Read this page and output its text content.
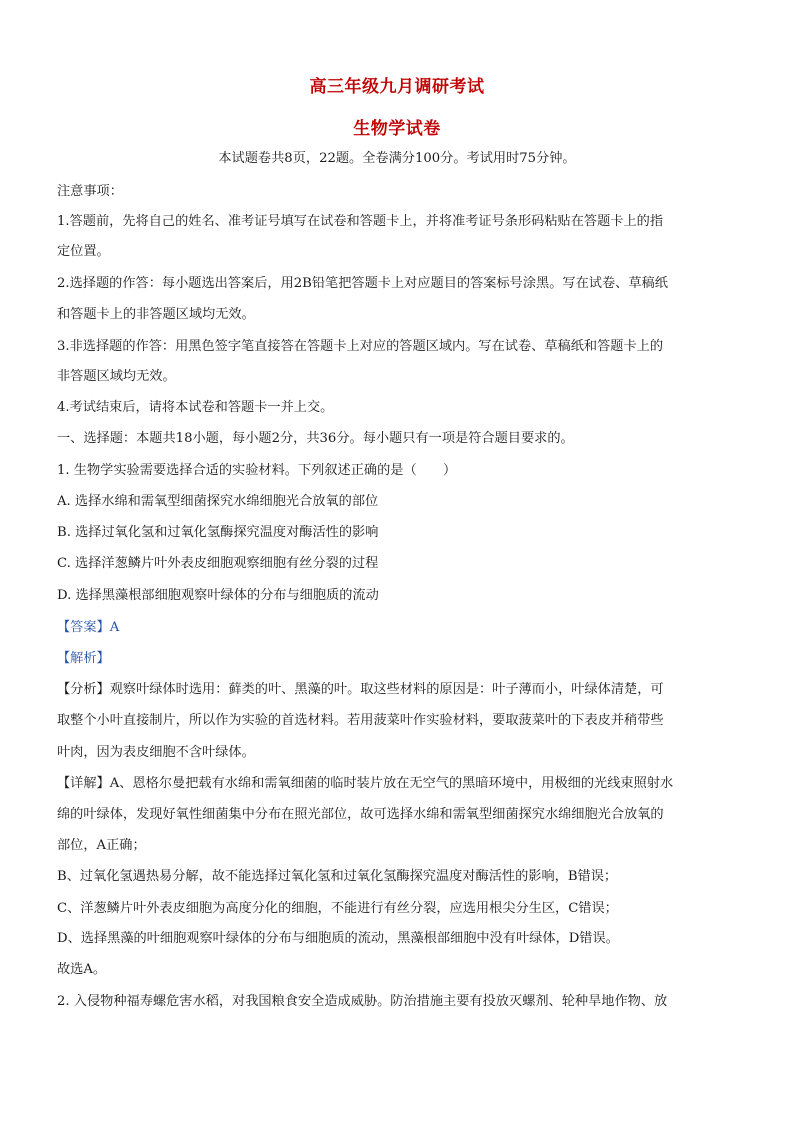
高三年级九月调研考试
生物学试卷
本试题卷共8页，22题。全卷满分100分。考试用时75分钟。
注意事项：
1.答题前，先将自己的姓名、准考证号填写在试卷和答题卡上，并将准考证号条形码粘贴在答题卡上的指
定位置。
2.选择题的作答：每小题选出答案后，用2B铅笔把答题卡上对应题目的答案标号涂黑。写在试卷、草稿纸
和答题卡上的非答题区域均无效。
3.非选择题的作答：用黑色签字笔直接答在答题卡上对应的答题区域内。写在试卷、草稿纸和答题卡上的
非答题区域均无效。
4.考试结束后，请将本试卷和答题卡一并上交。
一、选择题：本题共18小题，每小题2分，共36分。每小题只有一项是符合题目要求的。
1. 生物学实验需要选择合适的实验材料。下列叙述正确的是（　　）
A. 选择水绵和需氧型细菌探究水绵细胞光合放氧的部位
B. 选择过氧化氢和过氧化氢酶探究温度对酶活性的影响
C. 选择洋葱鳞片叶外表皮细胞观察细胞有丝分裂的过程
D. 选择黑藻根部细胞观察叶绿体的分布与细胞质的流动
【答案】A
【解析】
【分析】观察叶绿体时选用：藓类的叶、黑藻的叶。取这些材料的原因是：叶子薄而小，叶绿体清楚，可
取整个小叶直接制片，所以作为实验的首选材料。若用菠菜叶作实验材料，要取菠菜叶的下表皮并稍带些
叶肉，因为表皮细胞不含叶绿体。
【详解】A、恩格尔曼把载有水绵和需氧细菌的临时装片放在无空气的黑暗环境中，用极细的光线束照射水
绵的叶绿体，发现好氧性细菌集中分布在照光部位，故可选择水绵和需氧型细菌探究水绵细胞光合放氧的
部位，A正确；
B、过氧化氢遇热易分解，故不能选择过氧化氢和过氧化氢酶探究温度对酶活性的影响，B错误；
C、洋葱鳞片叶外表皮细胞为高度分化的细胞，不能进行有丝分裂，应选用根尖分生区，C错误；
D、选择黑藻的叶细胞观察叶绿体的分布与细胞质的流动，黑藻根部细胞中没有叶绿体，D错误。
故选A。
2. 入侵物种福寿螺危害水稻，对我国粮食安全造成威胁。防治措施主要有投放灭螺剂、轮种旱地作物、放
